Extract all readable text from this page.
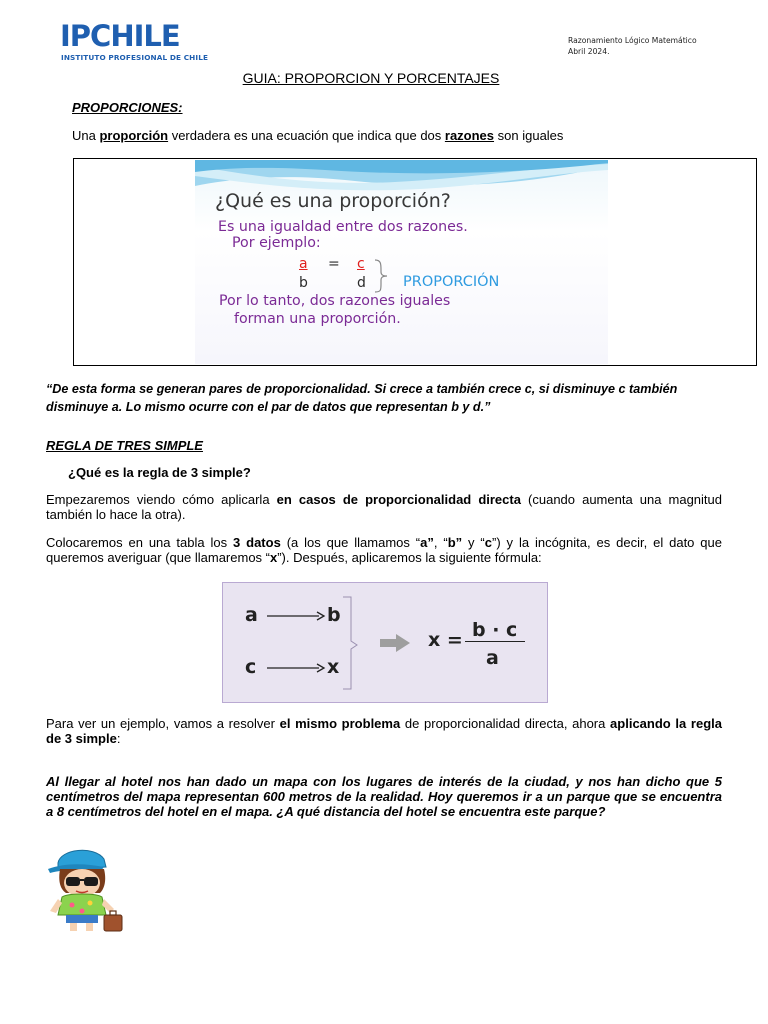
IPCHILE
INSTITUTO PROFESIONAL DE CHILE
Razonamiento Lógico Matemático
Abril 2024.
GUIA: PROPORCION Y PORCENTAJES
PROPORCIONES:
Una proporción verdadera es una ecuación que indica que dos razones son iguales
¿Qué es una proporción?
Es una igualdad entre dos razones.
Por ejemplo:
a = c
b	d	PROPORCIÓN
Por lo tanto, dos razones iguales
forman una proporción.
“De esta forma se generan pares de proporcionalidad. Si crece a también crece c, si disminuye c también disminuye a. Lo mismo ocurre con el par de datos que representan b y d.”
REGLA DE TRES SIMPLE
¿Qué es la regla de 3 simple?
Empezaremos viendo cómo aplicarla en casos de proporcionalidad directa (cuando aumenta una magnitud también lo hace la otra).
Colocaremos en una tabla los 3 datos (a los que llamamos “a”, “b” y “c”) y la incógnita, es decir, el dato que queremos averiguar (que llamaremos “x”). Después, aplicaremos la siguiente fórmula:
a	b
c	x
x = b · c
a
Para ver un ejemplo, vamos a resolver el mismo problema de proporcionalidad directa, ahora aplicando la regla de 3 simple:
Al llegar al hotel nos han dado un mapa con los lugares de interés de la ciudad, y nos han dicho que 5 centímetros del mapa representan 600 metros de la realidad. Hoy queremos ir a un parque que se encuentra a 8 centímetros del hotel en el mapa. ¿A qué distancia del hotel se encuentra este parque?
